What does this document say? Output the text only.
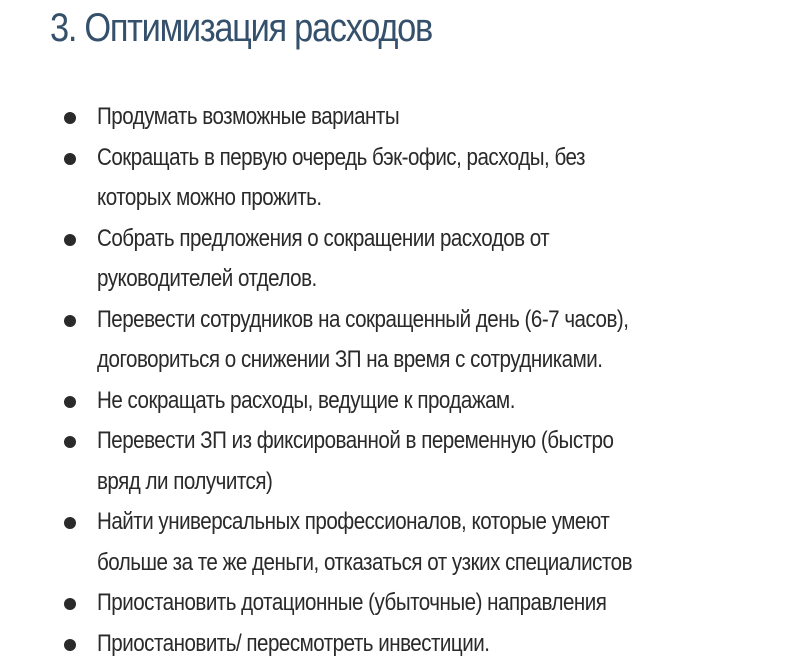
3. Оптимизация расходов
Продумать возможные варианты
Сокращать в первую очередь бэк-офис, расходы, без
которых можно прожить.
Собрать предложения о сокращении расходов от
руководителей отделов.
Перевести сотрудников на сокращенный день (6-7 часов),
договориться о снижении ЗП на время с сотрудниками.
Не сокращать расходы, ведущие к продажам.
Перевести ЗП из фиксированной в переменную (быстро
вряд ли получится)
Найти универсальных профессионалов, которые умеют
больше за те же деньги, отказаться от узких специалистов
Приостановить дотационные (убыточные) направления
Приостановить/ пересмотреть инвестиции.
